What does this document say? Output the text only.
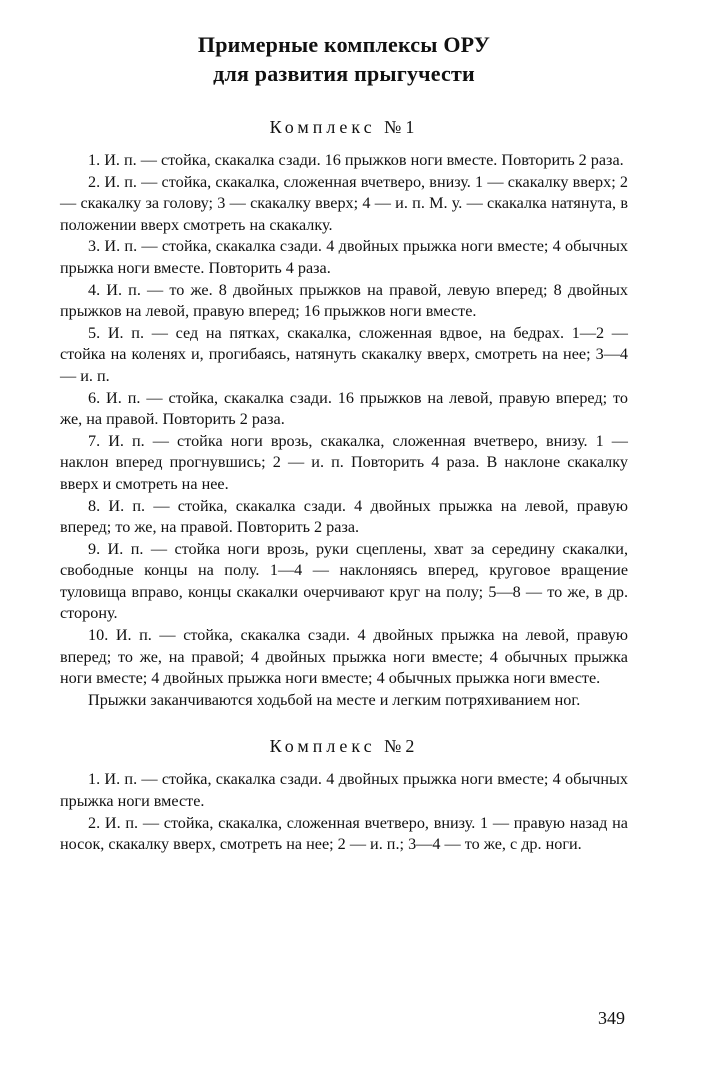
Примерные комплексы ОРУ

для развития прыгучести

Комплекс №1

1. И. п. — стойка, скакалка сзади. 16 прыжков ноги вместе. Повторить 2 раза.

2. И. п. — стойка, скакалка, сложенная вчетверо, внизу. 1 — скакалку вверх; 2 — скакалку за голову; 3 — скакалку вверх; 4 — и. п. М. у. — скакалка натянута, в положении вверх смотреть на скакалку.

3. И. п. — стойка, скакалка сзади. 4 двойных прыжка ноги вместе; 4 обычных прыжка ноги вместе. Повторить 4 раза.

4. И. п. — то же. 8 двойных прыжков на правой, левую вперед; 8 двойных прыжков на левой, правую вперед; 16 прыжков ноги вместе.

5. И. п. — сед на пятках, скакалка, сложенная вдвое, на бедрах. 1—2 — стойка на коленях и, прогибаясь, натянуть скакалку вверх, смотреть на нее; 3—4 — и. п.

6. И. п. — стойка, скакалка сзади. 16 прыжков на левой, правую вперед; то же, на правой. Повторить 2 раза.

7. И. п. — стойка ноги врозь, скакалка, сложенная вчетверо, внизу. 1 — наклон вперед прогнувшись; 2 — и. п. Повторить 4 раза. В наклоне скакалку вверх и смотреть на нее.

8. И. п. — стойка, скакалка сзади. 4 двойных прыжка на левой, правую вперед; то же, на правой. Повторить 2 раза.

9. И. п. — стойка ноги врозь, руки сцеплены, хват за середину скакалки, свободные концы на полу. 1—4 — наклоняясь вперед, круговое вращение туловища вправо, концы скакалки очерчивают круг на полу; 5—8 — то же, в др. сторону.

10. И. п. — стойка, скакалка сзади. 4 двойных прыжка на левой, правую вперед; то же, на правой; 4 двойных прыжка ноги вместе; 4 обычных прыжка ноги вместе; 4 двойных прыжка ноги вместе; 4 обычных прыжка ноги вместе.

Прыжки заканчиваются ходьбой на месте и легким потряхиванием ног.

Комплекс №2

1. И. п. — стойка, скакалка сзади. 4 двойных прыжка ноги вместе; 4 обычных прыжка ноги вместе.

2. И. п. — стойка, скакалка, сложенная вчетверо, внизу. 1 — правую назад на носок, скакалку вверх, смотреть на нее; 2 — и. п.; 3—4 — то же, с др. ноги.

349
